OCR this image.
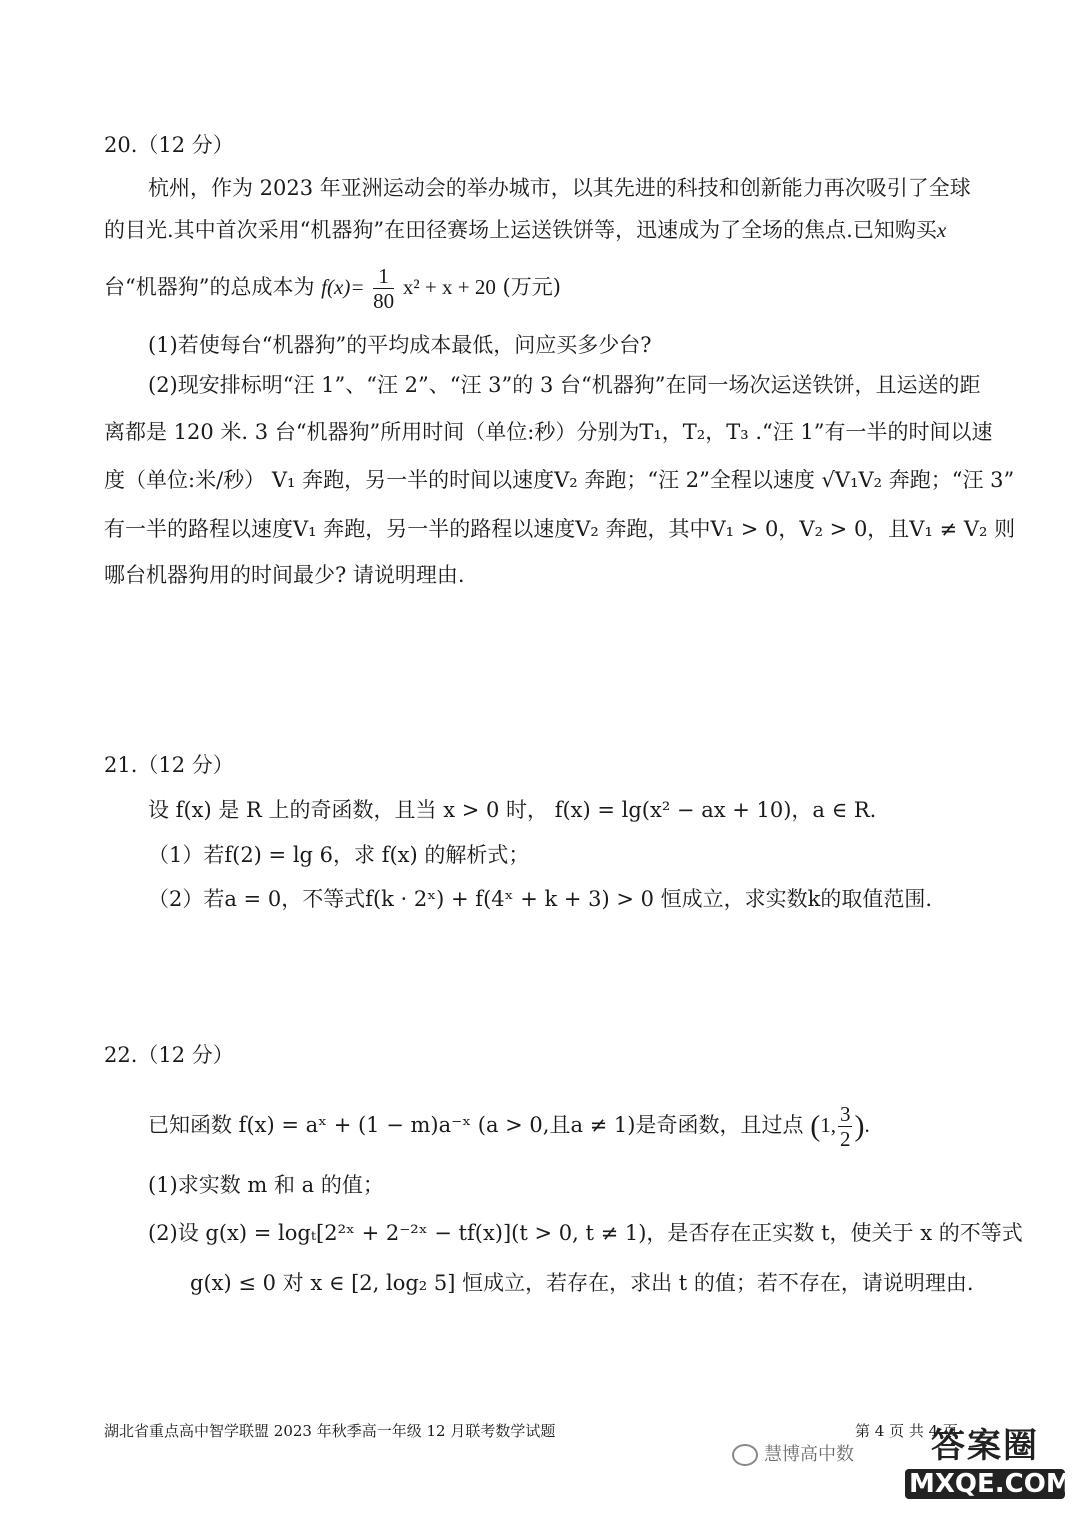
20.（12 分）
杭州，作为 2023 年亚洲运动会的举办城市，以其先进的科技和创新能力再次吸引了全球
的目光.其中首次采用“机器狗”在田径赛场上运送铁饼等，迅速成为了全场的焦点.已知购买x
台“机器狗”的总成本为 $f(x)= \frac{1}{80} x^2 + x + 20$ (万元)
(1)若使每台“机器狗”的平均成本最低，问应买多少台?
(2)现安排标明“汪 1”、“汪 2”、“汪 3”的 3 台“机器狗”在同一场次运送铁饼，且运送的距
离都是 120 米. 3 台“机器狗”所用时间（单位:秒）分别为T₁，T₂，T₃ .“汪 1”有一半的时间以速
度（单位:米/秒） V₁ 奔跑，另一半的时间以速度V₂ 奔跑；“汪 2”全程以速度 √V₁V₂ 奔跑；“汪 3”
有一半的路程以速度V₁ 奔跑，另一半的路程以速度V₂ 奔跑，其中V₁ > 0，V₂ > 0，且V₁ ≠ V₂ 则
哪台机器狗用的时间最少? 请说明理由.
21.（12 分）
设 f(x) 是 R 上的奇函数，且当 x > 0 时， f(x) = lg(x² − ax + 10)，a ∈ R.
（1）若f(2) = lg 6，求 f(x) 的解析式；
（2）若a = 0，不等式f(k · 2ˣ) + f(4ˣ + k + 3) > 0 恒成立，求实数k的取值范围.
22.（12 分）
已知函数 f(x) = aˣ + (1 − m)a⁻ˣ (a > 0,且a ≠ 1)是奇函数，且过点 (1, $\frac{3}{2}$ ).
(1)求实数 m 和 a 的值；
(2)设 g(x) = logₜ[2²ˣ + 2⁻²ˣ − tf(x)](t > 0, t ≠ 1)，是否存在正实数 t，使关于 x 的不等式
g(x) ≤ 0 对 x ∈ [2, log₂ 5] 恒成立，若存在，求出 t 的值；若不存在，请说明理由.
湖北省重点高中智学联盟 2023 年秋季高一年级 12 月联考数学试题	第 4 页 共 4 页
慧博高中数	答案圈
MXQE.COM
